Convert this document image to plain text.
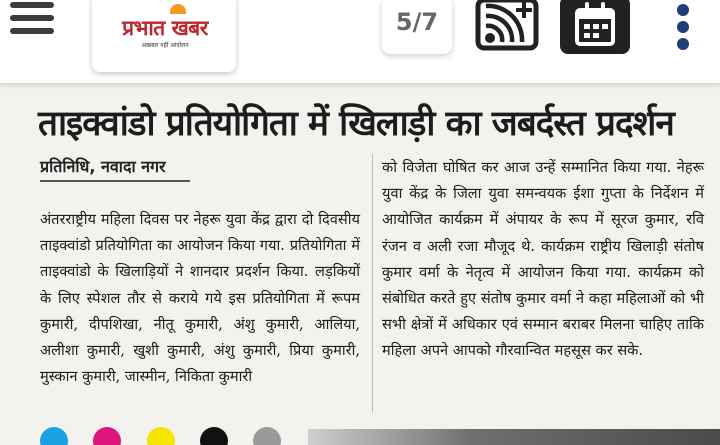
प्रभात खबर
अखबार नहीं आंदोलन
5/7
ताइक्वांडो प्रतियोगिता में खिलाड़ी का जबर्दस्त प्रदर्शन
प्रतिनिधि, नवादा नगर
अंतरराष्ट्रीय महिला दिवस पर नेहरू युवा केंद्र द्वारा दो दिवसीय ताइक्वांडो प्रतियोगिता का आयोजन किया गया. प्रतियोगिता में ताइक्वांडो के खिलाड़ियों ने शानदार प्रदर्शन किया. लड़कियों के लिए स्पेशल तौर से कराये गये इस प्रतियोगिता में रूपम कुमारी, दीपशिखा, नीतू कुमारी, अंशु कुमारी, आलिया, अलीशा कुमारी, खुशी कुमारी, अंशु कुमारी, प्रिया कुमारी, मुस्कान कुमारी, जास्मीन, निकिता कुमारी
को विजेता घोषित कर आज उन्हें सम्मानित किया गया. नेहरू युवा केंद्र के जिला युवा समन्वयक ईशा गुप्ता के निर्देशन में आयोजित कार्यक्रम में अंपायर के रूप में सूरज कुमार, रवि रंजन व अली रजा मौजूद थे. कार्यक्रम राष्ट्रीय खिलाड़ी संतोष कुमार वर्मा के नेतृत्व में आयोजन किया गया. कार्यक्रम को संबोधित करते हुए संतोष कुमार वर्मा ने कहा महिलाओं को भी सभी क्षेत्रों में अधिकार एवं सम्मान बराबर मिलना चाहिए ताकि महिला अपने आपको गौरवान्वित महसूस कर सके.
